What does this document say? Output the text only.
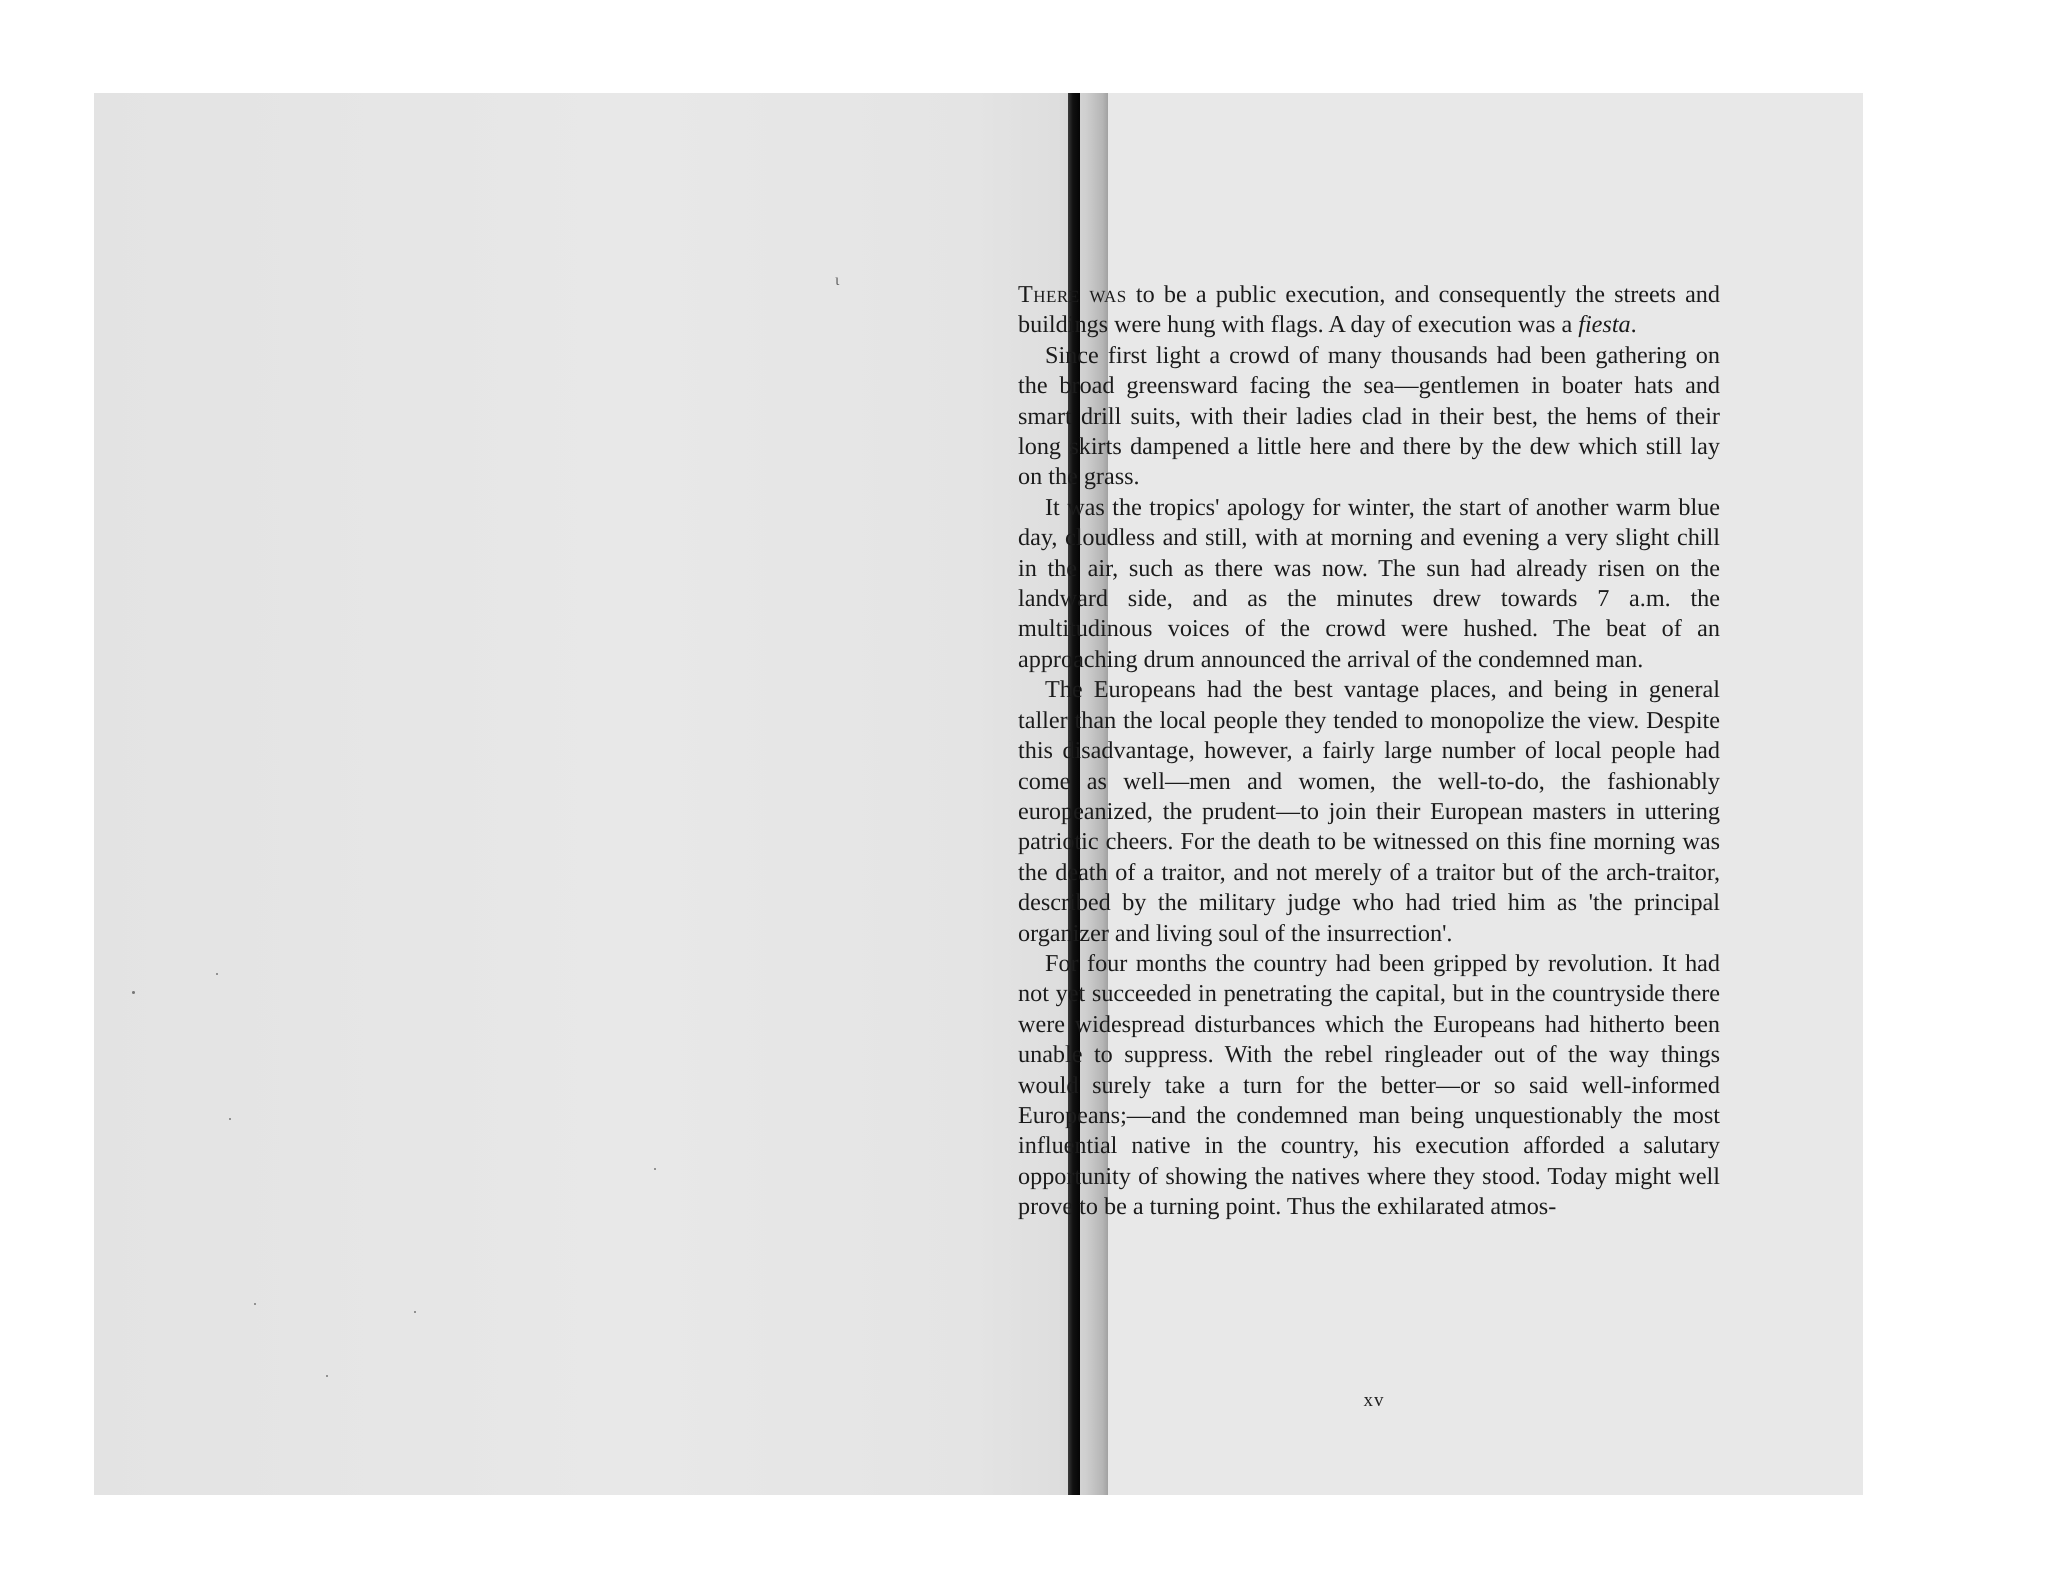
ι

There was to be a public execution, and consequently the streets and buildings were hung with flags. A day of execution was a fiesta.

Since first light a crowd of many thousands had been gathering on the broad greensward facing the sea—gentlemen in boater hats and smart drill suits, with their ladies clad in their best, the hems of their long skirts dampened a little here and there by the dew which still lay on the grass.

It was the tropics' apology for winter, the start of another warm blue day, cloudless and still, with at morning and evening a very slight chill in the air, such as there was now. The sun had already risen on the landward side, and as the minutes drew towards 7 a.m. the multitudinous voices of the crowd were hushed. The beat of an approaching drum announced the arrival of the condemned man.

The Europeans had the best vantage places, and being in general taller than the local people they tended to monopolize the view. Despite this disadvantage, however, a fairly large number of local people had come as well—men and women, the well-to-do, the fashionably europeanized, the prudent—to join their European masters in uttering patriotic cheers. For the death to be witnessed on this fine morning was the death of a traitor, and not merely of a traitor but of the arch-traitor, described by the military judge who had tried him as 'the principal organizer and living soul of the insurrection'.

For four months the country had been gripped by revolution. It had not yet succeeded in penetrating the capital, but in the countryside there were widespread disturbances which the Europeans had hitherto been unable to suppress. With the rebel ringleader out of the way things would surely take a turn for the better—or so said well-informed Europeans;—and the condemned man being unquestionably the most influential native in the country, his execution afforded a salutary opportunity of showing the natives where they stood. Today might well prove to be a turning point. Thus the exhilarated atmos-

xv
